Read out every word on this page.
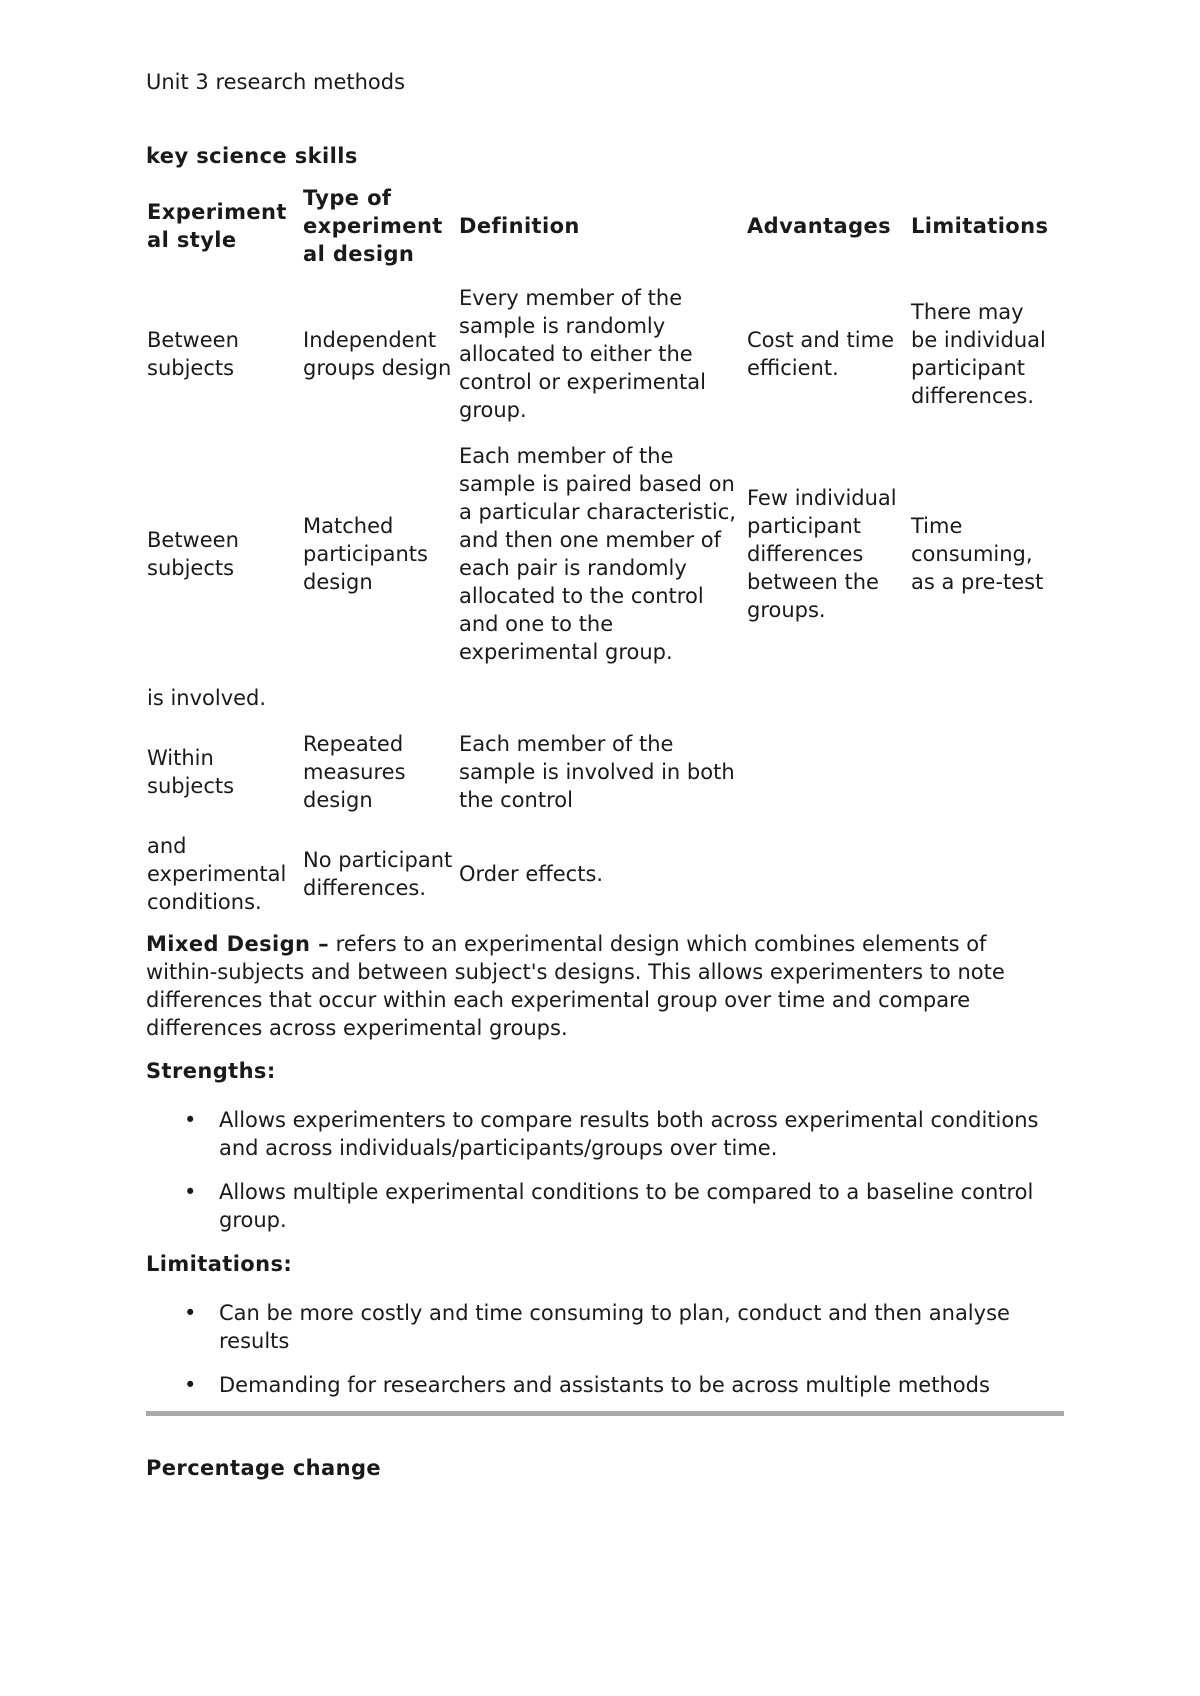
Unit 3 research methods

key science skills

Experiment al style	Type of experiment al design	Definition	Advantages	Limitations
Between subjects	Independent groups design	Every member of the sample is randomly allocated to either the control or experimental group.	Cost and time efficient.	There may be individual participant differences.
Between subjects	Matched participants design	Each member of the sample is paired based on a particular characteristic, and then one member of each pair is randomly allocated to the control and one to the experimental group.	Few individual participant differences between the groups.	Time consuming, as a pre-test
is involved.				
Within subjects	Repeated measures design	Each member of the sample is involved in both the control		
and experimental conditions.	No participant differences.	Order effects.		

Mixed Design – refers to an experimental design which combines elements of within-subjects and between subject's designs. This allows experimenters to note differences that occur within each experimental group over time and compare differences across experimental groups.

Strengths:

• Allows experimenters to compare results both across experimental conditions and across individuals/participants/groups over time.
• Allows multiple experimental conditions to be compared to a baseline control group.

Limitations:

• Can be more costly and time consuming to plan, conduct and then analyse results
• Demanding for researchers and assistants to be across multiple methods

Percentage change
